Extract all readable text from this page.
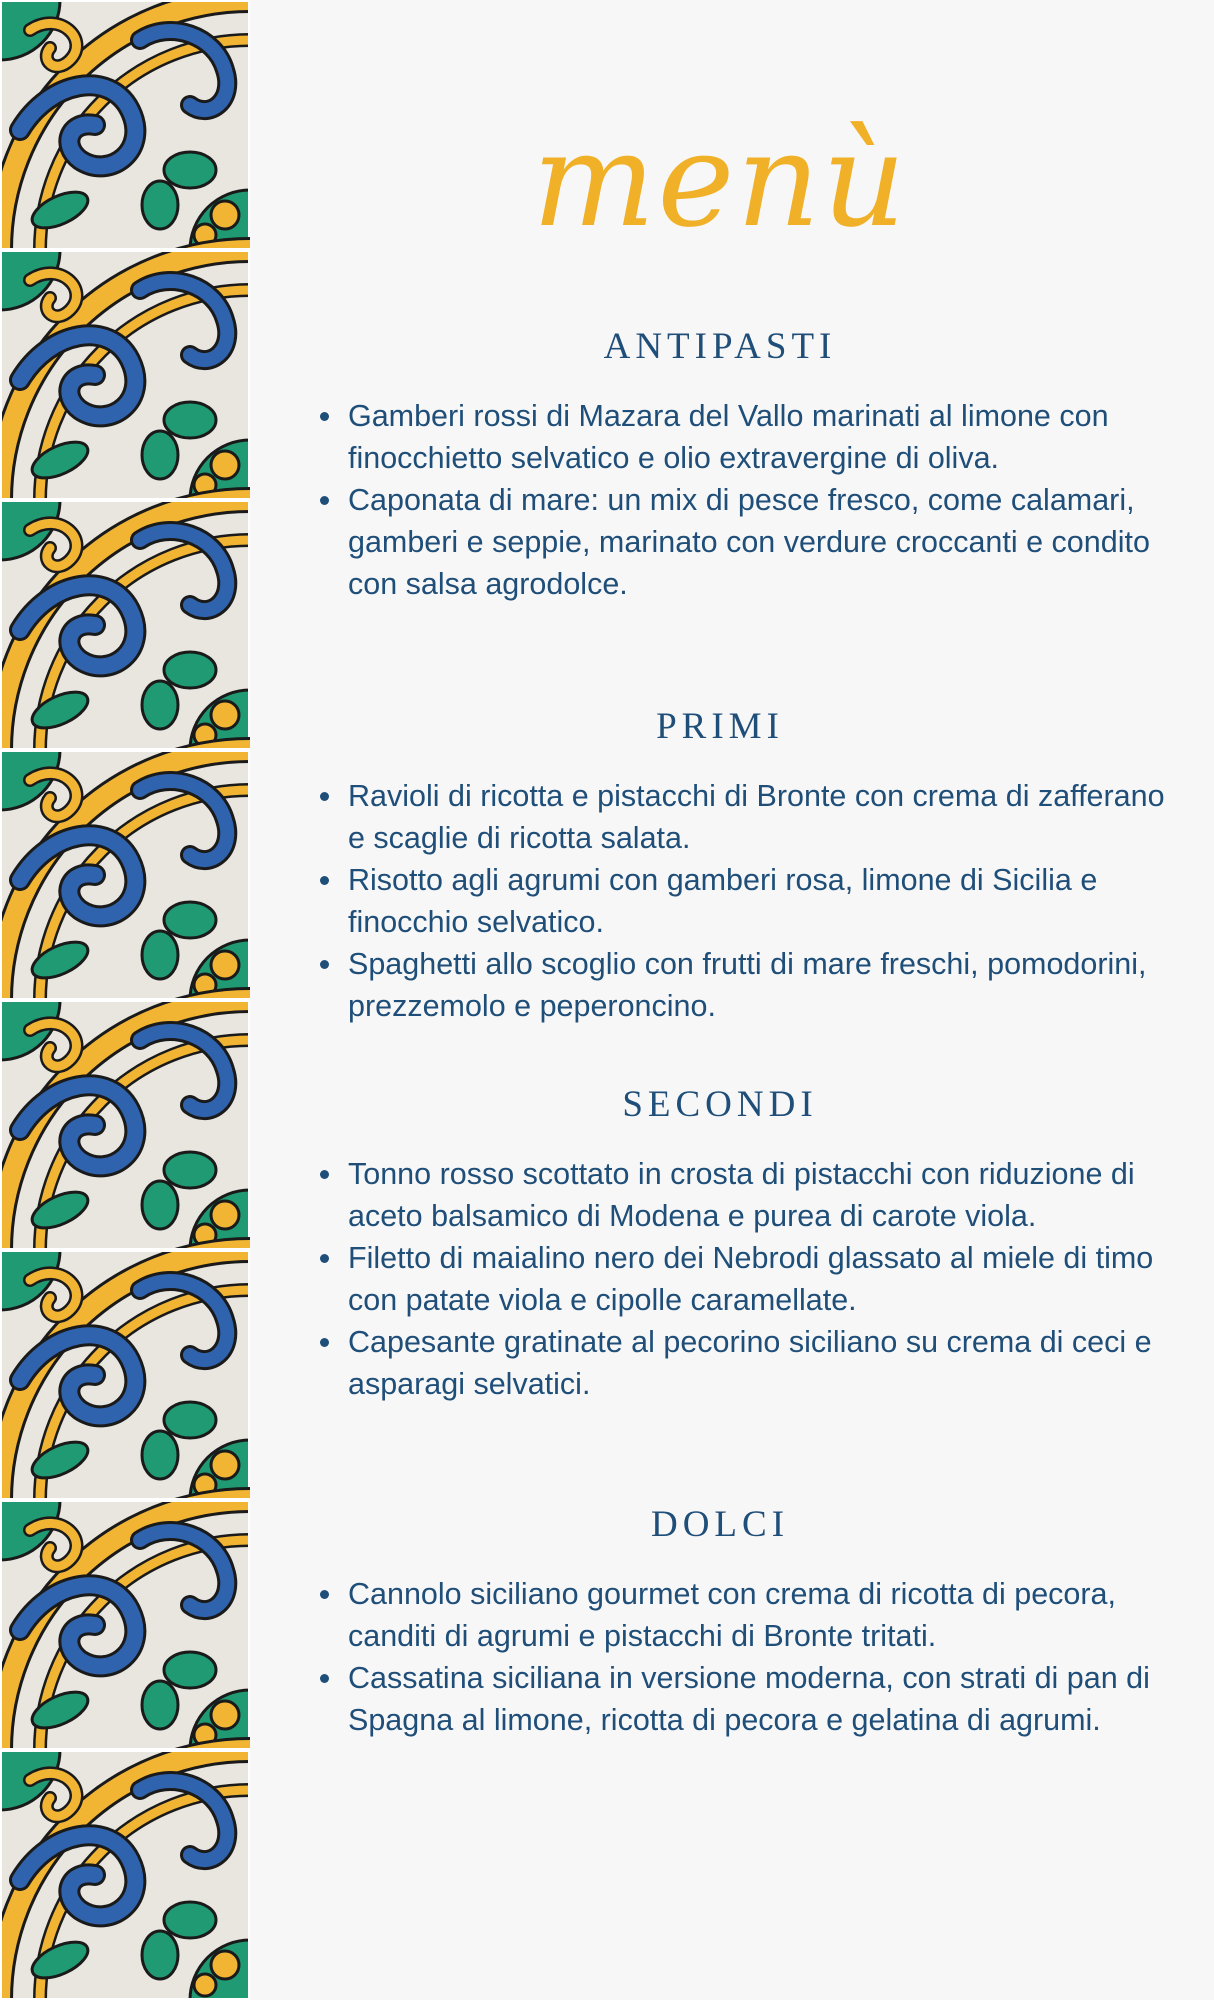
menù
ANTIPASTI
Gamberi rossi di Mazara del Vallo marinati al limone con finocchietto selvatico e olio extravergine di oliva.
Caponata di mare: un mix di pesce fresco, come calamari, gamberi e seppie, marinato con verdure croccanti e condito con salsa agrodolce.
PRIMI
Ravioli di ricotta e pistacchi di Bronte con crema di zafferano e scaglie di ricotta salata.
Risotto agli agrumi con gamberi rosa, limone di Sicilia e finocchio selvatico.
Spaghetti allo scoglio con frutti di mare freschi, pomodorini, prezzemolo e peperoncino.
SECONDI
Tonno rosso scottato in crosta di pistacchi con riduzione di aceto balsamico di Modena e purea di carote viola.
Filetto di maialino nero dei Nebrodi glassato al miele di timo con patate viola e cipolle caramellate.
Capesante gratinate al pecorino siciliano su crema di ceci e asparagi selvatici.
DOLCI
Cannolo siciliano gourmet con crema di ricotta di pecora, canditi di agrumi e pistacchi di Bronte tritati.
Cassatina siciliana in versione moderna, con strati di pan di Spagna al limone, ricotta di pecora e gelatina di agrumi.
